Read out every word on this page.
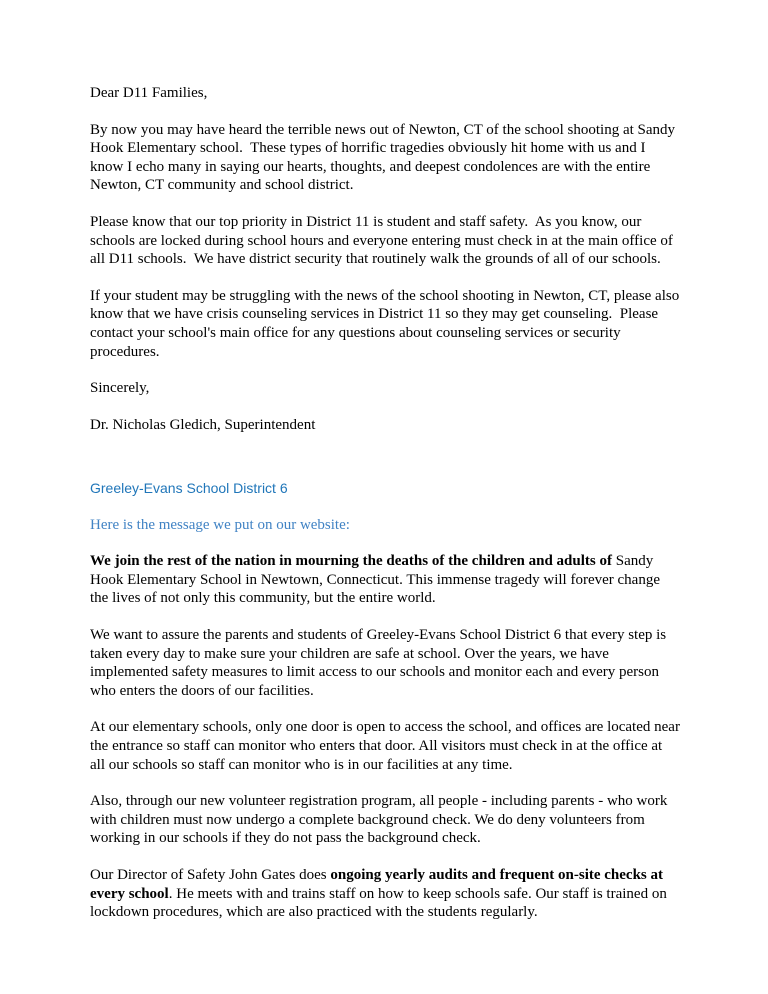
Dear D11 Families,

By now you may have heard the terrible news out of Newton, CT of the school shooting at Sandy Hook Elementary school.  These types of horrific tragedies obviously hit home with us and I know I echo many in saying our hearts, thoughts, and deepest condolences are with the entire Newton, CT community and school district.

Please know that our top priority in District 11 is student and staff safety.  As you know, our schools are locked during school hours and everyone entering must check in at the main office of all D11 schools.  We have district security that routinely walk the grounds of all of our schools.

If your student may be struggling with the news of the school shooting in Newton, CT, please also know that we have crisis counseling services in District 11 so they may get counseling.  Please contact your school's main office for any questions about counseling services or security procedures.

Sincerely,

Dr. Nicholas Gledich, Superintendent

Greeley-Evans School District 6

Here is the message we put on our website:

We join the rest of the nation in mourning the deaths of the children and adults of Sandy Hook Elementary School in Newtown, Connecticut. This immense tragedy will forever change the lives of not only this community, but the entire world.

We want to assure the parents and students of Greeley-Evans School District 6 that every step is taken every day to make sure your children are safe at school. Over the years, we have implemented safety measures to limit access to our schools and monitor each and every person who enters the doors of our facilities.

At our elementary schools, only one door is open to access the school, and offices are located near the entrance so staff can monitor who enters that door. All visitors must check in at the office at all our schools so staff can monitor who is in our facilities at any time.

Also, through our new volunteer registration program, all people - including parents - who work with children must now undergo a complete background check. We do deny volunteers from working in our schools if they do not pass the background check.

Our Director of Safety John Gates does ongoing yearly audits and frequent on-site checks at every school. He meets with and trains staff on how to keep schools safe. Our staff is trained on lockdown procedures, which are also practiced with the students regularly.
